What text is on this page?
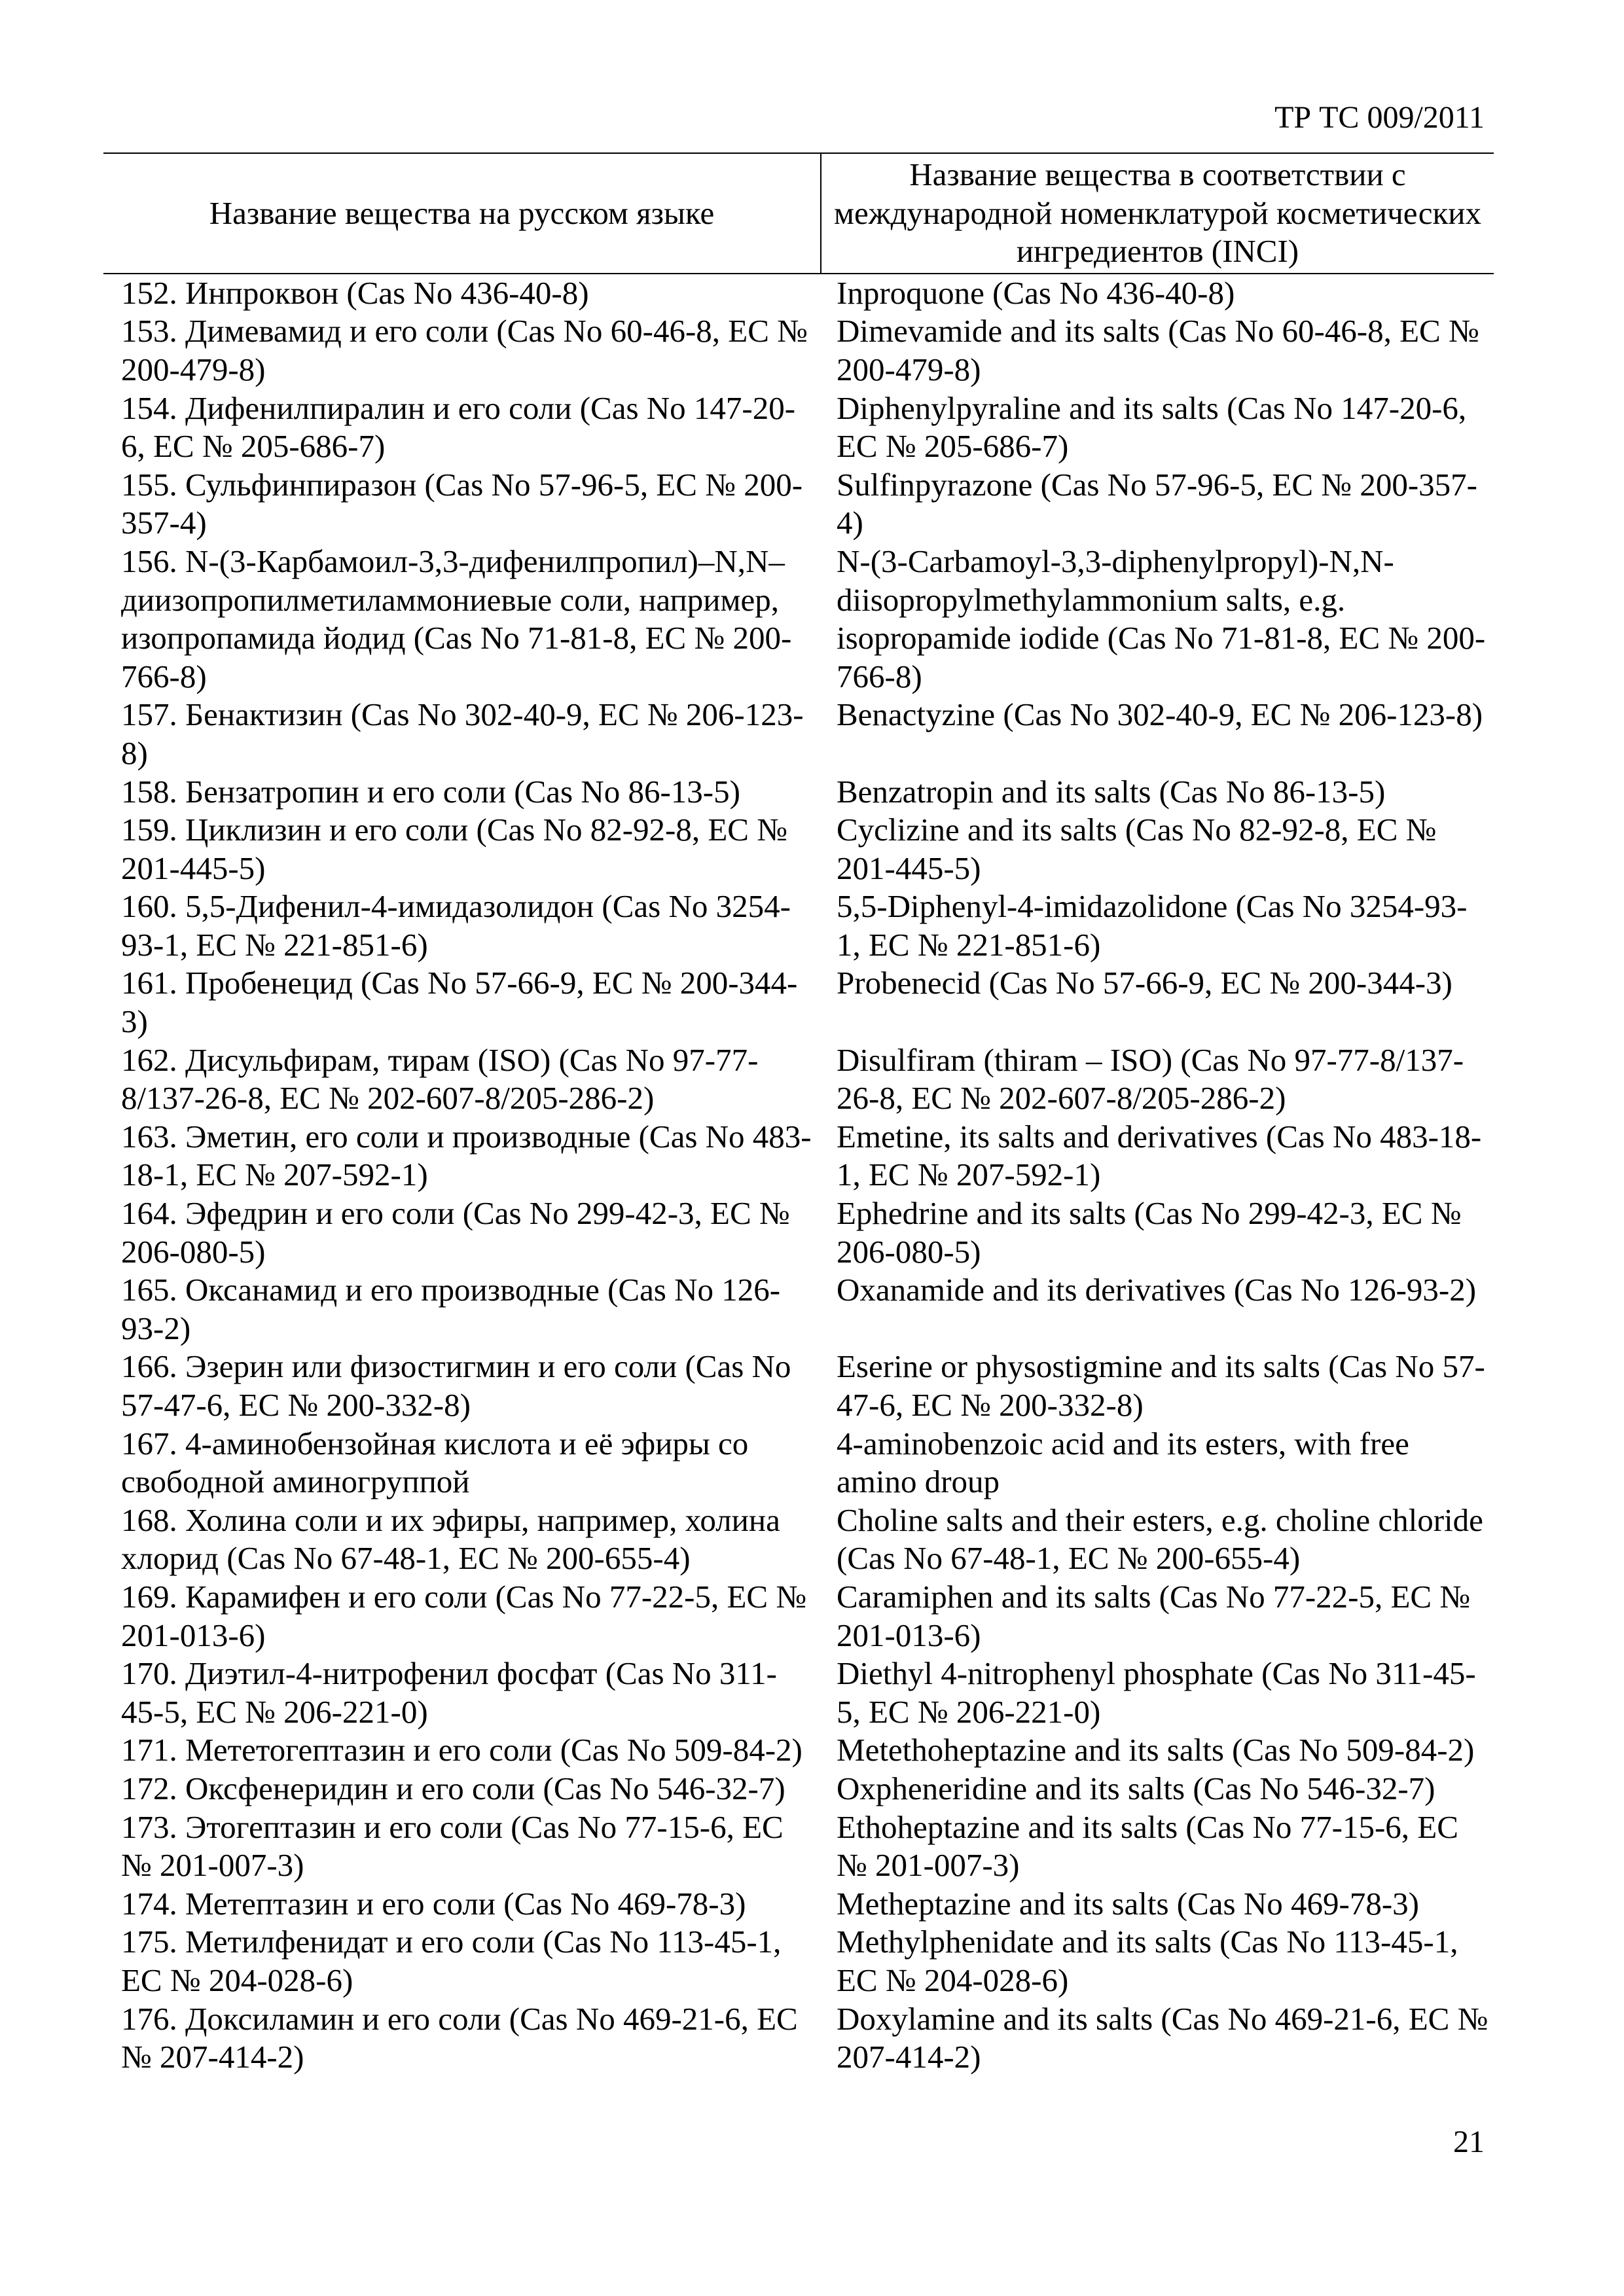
ТР ТС 009/2011
Название вещества на русском языке	Название вещества в соответствии с международной номенклатурой косметических ингредиентов (INCI)
152. Инпроквон (Cas No 436-40-8)	Inproquone (Cas No 436-40-8)
153. Димевамид и его соли (Cas No 60-46-8, EC № 200-479-8)	Dimevamide and its salts (Cas No 60-46-8, EC № 200-479-8)
154. Дифенилпиралин и его соли (Cas No 147-20-6, EC № 205-686-7)	Diphenylpyraline and its salts (Cas No 147-20-6, EC № 205-686-7)
155. Сульфинпиразон (Cas No 57-96-5, EC № 200-357-4)	Sulfinpyrazone (Cas No 57-96-5, EC № 200-357-4)
156. N-(3-Карбамоил-3,3-дифенилпропил)–N,N–диизопропилметиламмониевые соли, например, изопропамида йодид (Cas No 71-81-8, EC № 200-766-8)	N-(3-Carbamoyl-3,3-diphenylpropyl)-N,N-diisopropylmethylammonium salts, e.g. isopropamide iodide (Cas No 71-81-8, EC № 200-766-8)
157. Бенактизин (Cas No 302-40-9, EC № 206-123-8)	Benactyzine (Cas No 302-40-9, EC № 206-123-8)
158. Бензатропин и его соли (Cas No 86-13-5)	Benzatropin and its salts (Cas No 86-13-5)
159. Циклизин и его соли (Cas No 82-92-8, EC № 201-445-5)	Cyclizine and its salts (Cas No 82-92-8, EC № 201-445-5)
160. 5,5-Дифенил-4-имидазолидон (Cas No 3254-93-1, EC № 221-851-6)	5,5-Diphenyl-4-imidazolidone (Cas No 3254-93-1, EC № 221-851-6)
161. Пробенецид (Cas No 57-66-9, EC № 200-344-3)	Probenecid (Cas No 57-66-9, EC № 200-344-3)
162. Дисульфирам, тирам (ISO) (Cas No 97-77-8/137-26-8, EC № 202-607-8/205-286-2)	Disulfiram (thiram – ISO) (Cas No 97-77-8/137-26-8, EC № 202-607-8/205-286-2)
163. Эметин, его соли и производные (Cas No 483-18-1, EC № 207-592-1)	Emetine, its salts and derivatives (Cas No 483-18-1, EC № 207-592-1)
164. Эфедрин и его соли (Cas No 299-42-3, EC № 206-080-5)	Ephedrine and its salts (Cas No 299-42-3, EC № 206-080-5)
165. Оксанамид и его производные (Cas No 126-93-2)	Oxanamide and its derivatives (Cas No 126-93-2)
166. Эзерин или физостигмин и его соли (Cas No 57-47-6, EC № 200-332-8)	Eserine or physostigmine and its salts (Cas No 57-47-6, EC № 200-332-8)
167. 4-аминобензойная кислота и её эфиры со свободной аминогруппой	4-aminobenzoic acid and its esters, with free amino droup
168. Холина соли и их эфиры, например, холина хлорид (Cas No 67-48-1, EC № 200-655-4)	Choline salts and their esters, e.g. choline chloride (Cas No 67-48-1, EC № 200-655-4)
169. Карамифен и его соли (Cas No 77-22-5, EC № 201-013-6)	Caramiphen and its salts (Cas No 77-22-5, EC № 201-013-6)
170. Диэтил-4-нитрофенил фосфат (Cas No 311-45-5, EC № 206-221-0)	Diethyl 4-nitrophenyl phosphate (Cas No 311-45-5, EC № 206-221-0)
171. Мететогептазин и его соли (Cas No 509-84-2)	Metethoheptazine and its salts (Cas No 509-84-2)
172. Оксфенеридин и его соли (Cas No 546-32-7)	Oxpheneridine and its salts (Cas No 546-32-7)
173. Этогептазин и его соли (Cas No 77-15-6, EC № 201-007-3)	Ethoheptazine and its salts (Cas No 77-15-6, EC № 201-007-3)
174. Метептазин и его соли (Cas No 469-78-3)	Metheptazine and its salts (Cas No 469-78-3)
175. Метилфенидат и его соли (Cas No 113-45-1, EC № 204-028-6)	Methylphenidate and its salts (Cas No 113-45-1, EC № 204-028-6)
176. Доксиламин и его соли (Cas No 469-21-6, EC № 207-414-2)	Doxylamine and its salts (Cas No 469-21-6, EC № 207-414-2)
21
